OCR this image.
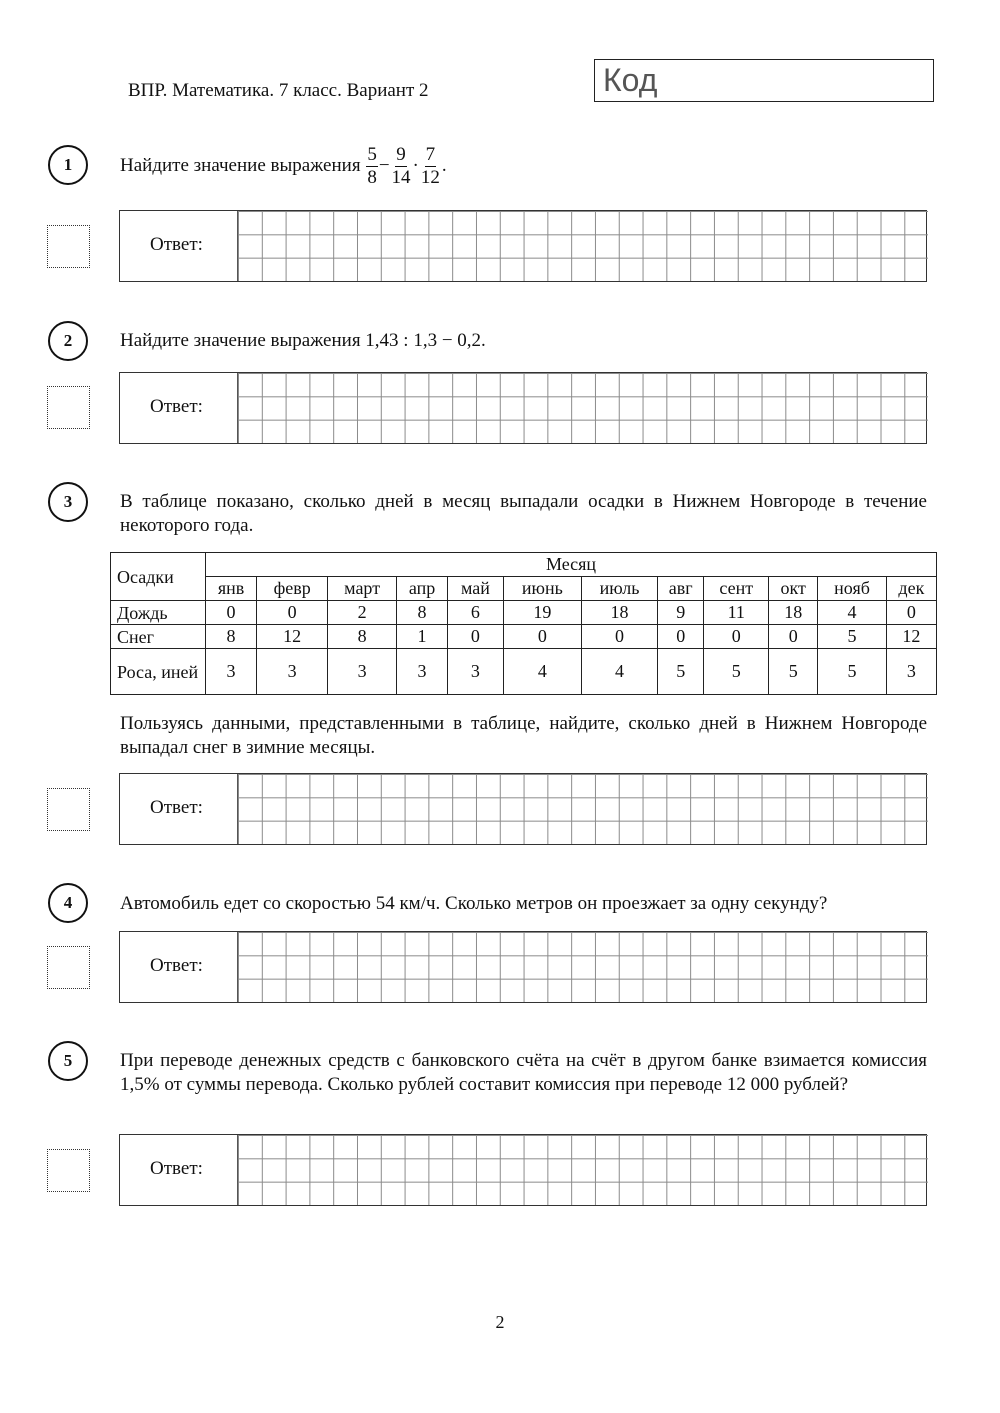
ВПР. Математика. 7 класс. Вариант 2	Код
1	Найдите значение выражения $\frac{5}{8} - \frac{9}{14} \cdot \frac{7}{12}$ .
Ответ:
2	Найдите значение выражения 1,43 : 1,3 − 0,2.
Ответ:
3	В таблице показано, сколько дней в месяц выпадали осадки в Нижнем Новгороде в течение некоторого года.
Осадки	Месяц											
	янв	февр	март	апр	май	июнь	июль	авг	сент	окт	нояб	дек
Дождь	0	0	2	8	6	19	18	9	11	18	4	0
Снег	8	12	8	1	0	0	0	0	0	0	5	12
Роса, иней	3	3	3	3	3	4	4	5	5	5	5	3
Пользуясь данными, представленными в таблице, найдите, сколько дней в Нижнем Новгороде выпадал снег в зимние месяцы.
Ответ:
4	Автомобиль едет со скоростью 54 км/ч. Сколько метров он проезжает за одну секунду?
Ответ:
5	При переводе денежных средств с банковского счёта на счёт в другом банке взимается комиссия 1,5% от суммы перевода. Сколько рублей составит комиссия при переводе 12 000 рублей?
Ответ:
2
